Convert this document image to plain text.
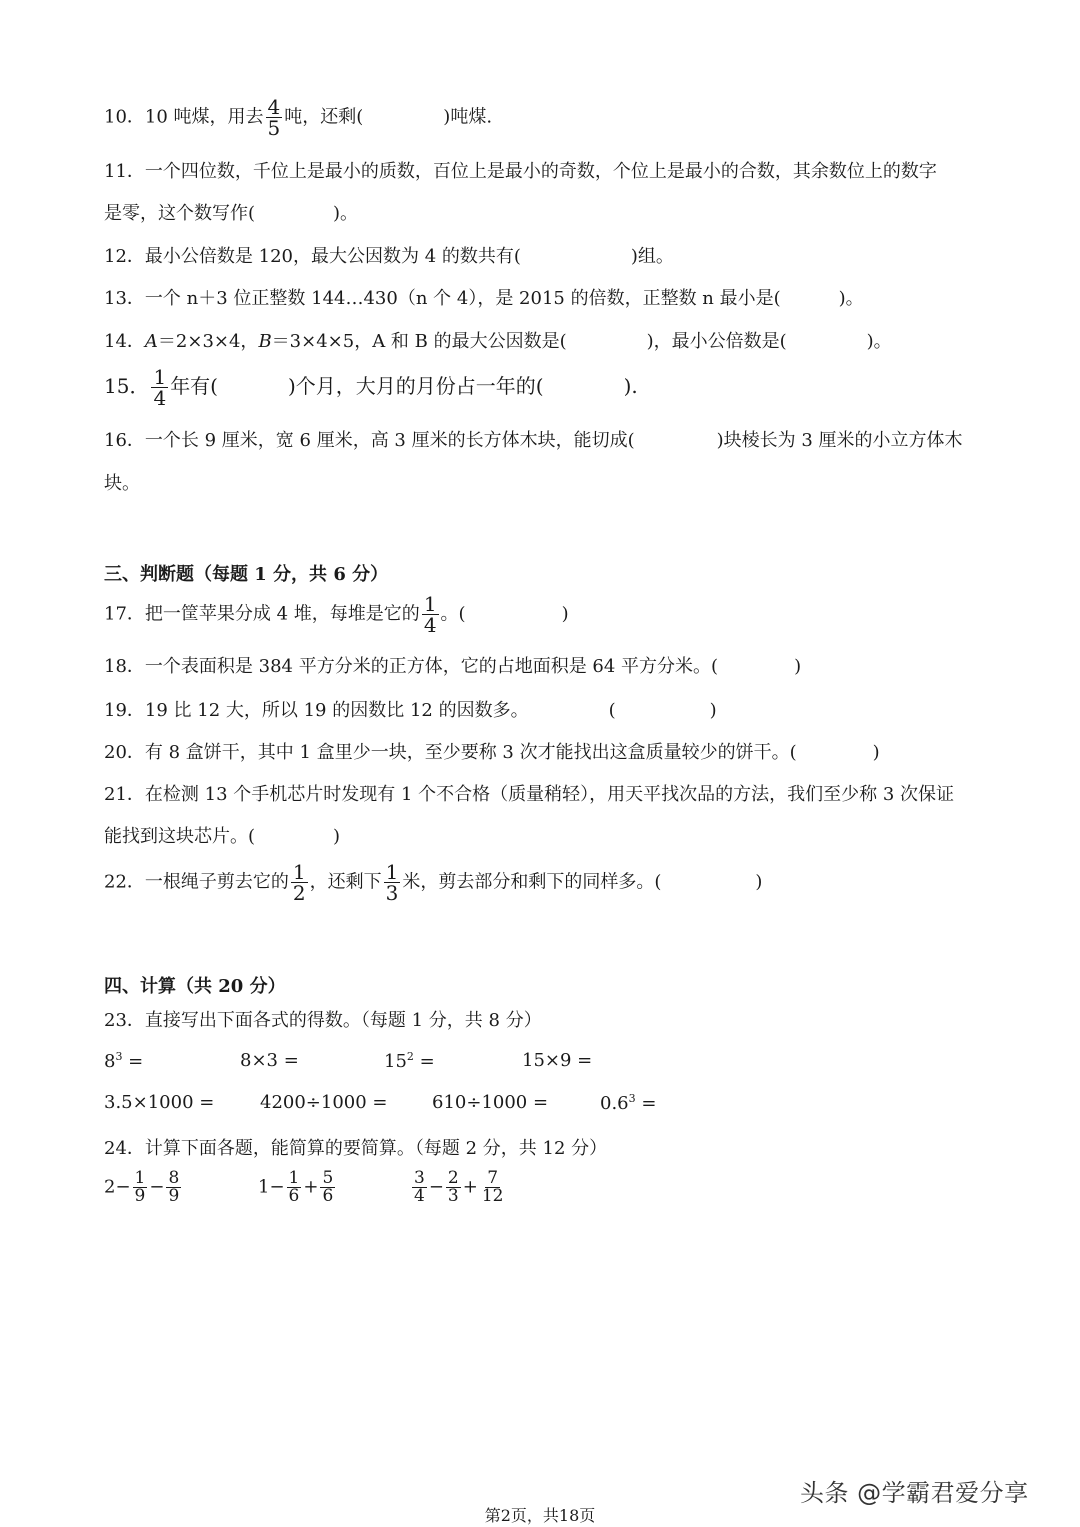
10．10 吨煤，用去 $\frac{4}{5}$ 吨，还剩(	)吨煤.
11．一个四位数，千位上是最小的质数，百位上是最小的奇数，个位上是最小的合数，其余数位上的数字
是零，这个数写作(	)。
12．最小公倍数是 120，最大公因数为 4 的数共有(	)组。
13．一个 n＋3 位正整数 144…430（n 个 4），是 2015 的倍数，正整数 n 最小是(	)。
14．A＝2×3×4，B＝3×4×5，A 和 B 的最大公因数是(	)，最小公倍数是(	)。
15． $\frac{1}{4}$ 年有(	)个月，大月的月份占一年的(	).
16．一个长 9 厘米，宽 6 厘米，高 3 厘米的长方体木块，能切成(	)块棱长为 3 厘米的小立方体木
块。
三、判断题（每题 1 分，共 6 分）
17．把一筐苹果分成 4 堆，每堆是它的 $\frac{1}{4}$ 。(	)
18．一个表面积是 384 平方分米的正方体，它的占地面积是 64 平方分米。(	)
19．19 比 12 大，所以 19 的因数比 12 的因数多。	(	)
20．有 8 盒饼干，其中 1 盒里少一块，至少要称 3 次才能找出这盒质量较少的饼干。(	)
21．在检测 13 个手机芯片时发现有 1 个不合格（质量稍轻），用天平找次品的方法，我们至少称 3 次保证
能找到这块芯片。(	)
22．一根绳子剪去它的 $\frac{1}{2}$ ，还剩下 $\frac{1}{3}$ 米，剪去部分和剩下的同样多。(	)
四、计算（共 20 分）
23．直接写出下面各式的得数。（每题 1 分，共 8 分）
$8^3$ =	8×3 =	$15^2$ =	15×9 =
3.5×1000 =	4200÷1000 = 610÷1000 =	$0.6^3$ =
24．计算下面各题，能简算的要简算。（每题 2 分，共 12 分）
$2- \frac{1}{9} - \frac{8}{9}$	$1- \frac{1}{6} + \frac{5}{6}$	$\frac{3}{4} - \frac{2}{3} + \frac{7}{12}$
头条 @学霸君爱分享
第2页，共18页
